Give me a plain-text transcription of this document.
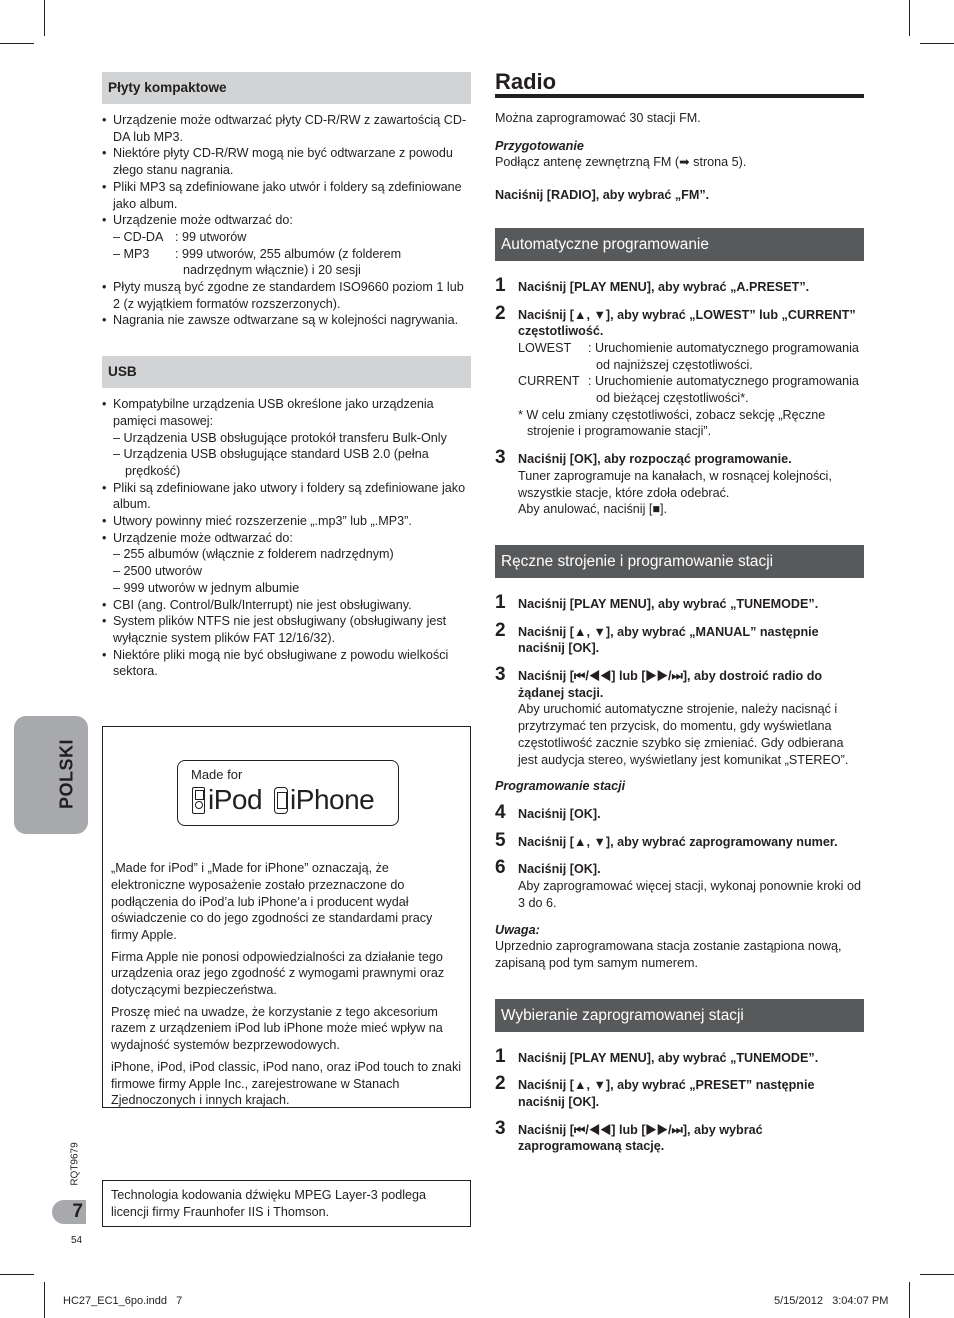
Płyty kompaktowe
• Urządzenie może odtwarzać płyty CD-R/RW z zawartością CD-DA lub MP3.
• Niektóre płyty CD-R/RW mogą nie być odtwarzane z powodu złego stanu nagrania.
• Pliki MP3 są zdefiniowane jako utwór i foldery są zdefiniowane jako album.
• Urządzenie może odtwarzać do:
– CD-DA : 99 utworów
– MP3	: 999 utworów, 255 albumów (z folderem nadrzędnym włącznie) i 20 sesji
• Płyty muszą być zgodne ze standardem ISO9660 poziom 1 lub 2 (z wyjątkiem formatów rozszerzonych).
• Nagrania nie zawsze odtwarzane są w kolejności nagrywania.
USB
• Kompatybilne urządzenia USB określone jako urządzenia pamięci masowej:
– Urządzenia USB obsługujące protokół transferu Bulk-Only
– Urządzenia USB obsługujące standard USB 2.0 (pełna prędkość)
• Pliki są zdefiniowane jako utwory i foldery są zdefiniowane jako album.
• Utwory powinny mieć rozszerzenie „.mp3” lub „.MP3”.
• Urządzenie może odtwarzać do:
– 255 albumów (włącznie z folderem nadrzędnym)
– 2500 utworów
– 999 utworów w jednym albumie
• CBI (ang. Control/Bulk/Interrupt) nie jest obsługiwany.
• System plików NTFS nie jest obsługiwany (obsługiwany jest wyłącznie system plików FAT 12/16/32).
• Niektóre pliki mogą nie być obsługiwane z powodu wielkości sektora.
Made for
iPod iPhone

„Made for iPod” i „Made for iPhone” oznaczają, że elektroniczne wyposażenie zostało przeznaczone do podłączenia do iPod’a lub iPhone’a i producent wydał oświadczenie co do jego zgodności ze standardami pracy firmy Apple.

Firma Apple nie ponosi odpowiedzialności za działanie tego urządzenia oraz jego zgodność z wymogami prawnymi oraz dotyczącymi bezpieczeństwa.

Proszę mieć na uwadze, że korzystanie z tego akcesorium razem z urządzeniem iPod lub iPhone może mieć wpływ na wydajność systemów bezprzewodowych.

iPhone, iPod, iPod classic, iPod nano, oraz iPod touch to znaki firmowe firmy Apple Inc., zarejestrowane w Stanach Zjednoczonych i innych krajach.

Technologia kodowania dźwięku MPEG Layer-3 podlega licencji firmy Fraunhofer IIS i Thomson.
Radio

Można zaprogramować 30 stacji FM.

Przygotowanie

Podłącz antenę zewnętrzną FM (➡ strona 5).

Naciśnij [RADIO], aby wybrać „FM”.

Automatyczne programowanie
1 Naciśnij [PLAY MENU], aby wybrać „A.PRESET”.
2 Naciśnij [▲, ▼], aby wybrać „LOWEST” lub „CURRENT” częstotliwość.
LOWEST	: Uruchomienie automatycznego programowania od najniższej częstotliwości.
CURRENT : Uruchomienie automatycznego programowania od bieżącej częstotliwości*.
* W celu zmiany częstotliwości, zobacz sekcję „Ręczne strojenie i programowanie stacji”.
3 Naciśnij [OK], aby rozpocząć programowanie.
Tuner zaprogramuje na kanałach, w rosnącej kolejności, wszystkie stacje, które zdoła odebrać.
Aby anulować, naciśnij [■].
Ręczne strojenie i programowanie stacji
1 Naciśnij [PLAY MENU], aby wybrać „TUNEMODE”.
2 Naciśnij [▲, ▼], aby wybrać „MANUAL” następnie naciśnij [OK].
3 Naciśnij [⏮/◀◀] lub [▶▶/⏭], aby dostroić radio do żądanej stacji.
Aby uruchomić automatyczne strojenie, należy nacisnąć i przytrzymać ten przycisk, do momentu, gdy wyświetlana częstotliwość zacznie szybko się zmieniać. Gdy odbierana jest audycja stereo, wyświetlany jest komunikat „STEREO”.

Programowanie stacji

4 Naciśnij [OK].
5 Naciśnij [▲, ▼], aby wybrać zaprogramowany numer.
6 Naciśnij [OK].
Aby zaprogramować więcej stacji, wykonaj ponownie kroki od 3 do 6.

Uwaga:

Uprzednio zaprogramowana stacja zostanie zastąpiona nową, zapisaną pod tym samym numerem.

Wybieranie zaprogramowanej stacji
1 Naciśnij [PLAY MENU], aby wybrać „TUNEMODE”.
2 Naciśnij [▲, ▼], aby wybrać „PRESET” następnie naciśnij [OK].
3 Naciśnij [⏮/◀◀] lub [▶▶/⏭], aby wybrać zaprogramowaną stację.
POLSKI
RQT9679
7
54
HC27_EC1_6po.indd   7	5/15/2012   3:04:07 PM
